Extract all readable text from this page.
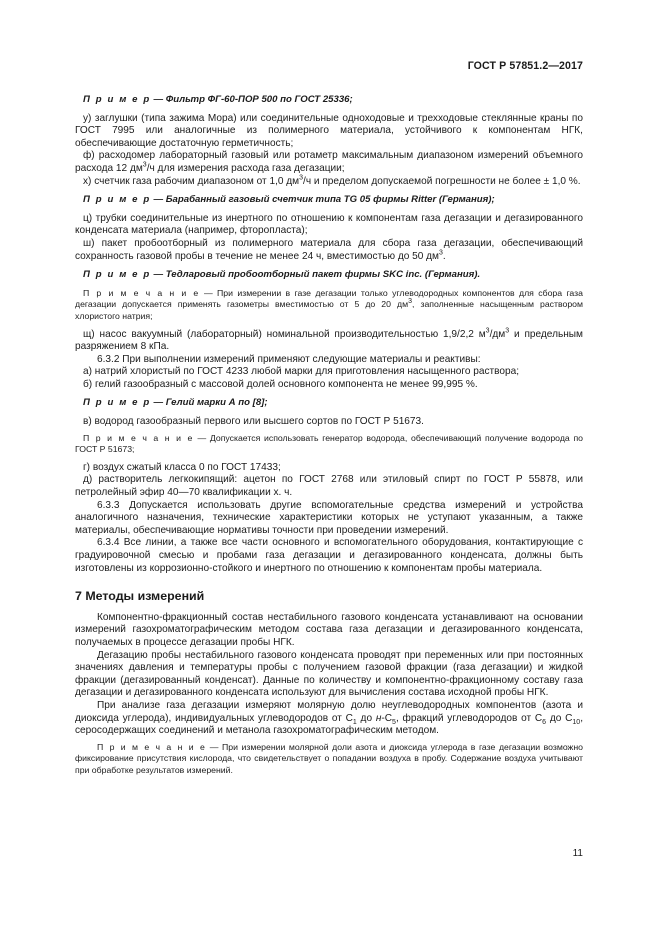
ГОСТ Р 57851.2—2017

П р и м е р — Фильтр ФГ-60-ПОР 500 по ГОСТ 25336;

у) заглушки (типа зажима Мора) или соединительные одноходовые и трехходовые стеклянные краны по ГОСТ 7995 или аналогичные из полимерного материала, устойчивого к компонентам НГК, обеспечивающие достаточную герметичность;

ф) расходомер лабораторный газовый или ротаметр максимальным диапазоном измерений объемного расхода 12 $дм^3/ч$ для измерения расхода газа дегазации;

х) счетчик газа рабочим диапазоном от 1,0 $дм^3/ч$ и пределом допускаемой погрешности не более ± 1,0 %.

П р и м е р — Барабанный газовый счетчик типа TG 05 фирмы Ritter (Германия);

ц) трубки соединительные из инертного по отношению к компонентам газа дегазации и дегазированного конденсата материала (например, фторопласта);

ш) пакет пробоотборный из полимерного материала для сбора газа дегазации, обеспечивающий сохранность газовой пробы в течение не менее 24 ч, вместимостью до 50 $дм^3$.

П р и м е р — Тедларовый пробоотборный пакет фирмы SKC inc. (Германия).

П р и м е ч а н и е — При измерении в газе дегазации только углеводородных компонентов для сбора газа дегазации допускается применять газометры вместимостью от 5 до 20 $дм^3$, заполненные насыщенным раствором хлористого натрия;

щ) насос вакуумный (лабораторный) номинальной производительностью 1,9/2,2 $м^3/дм^3$ и предельным разряжением 8 кПа.

6.3.2 При выполнении измерений применяют следующие материалы и реактивы:

а) натрий хлористый по ГОСТ 4233 любой марки для приготовления насыщенного раствора;

б) гелий газообразный с массовой долей основного компонента не менее 99,995 %.

П р и м е р — Гелий марки А по [8];

в) водород газообразный первого или высшего сортов по ГОСТ Р 51673.

П р и м е ч а н и е — Допускается использовать генератор водорода, обеспечивающий получение водорода по ГОСТ Р 51673;

г) воздух сжатый класса 0 по ГОСТ 17433;

д) растворитель легкокипящий: ацетон по ГОСТ 2768 или этиловый спирт по ГОСТ Р 55878, или петролейный эфир 40—70 квалификации х. ч.

6.3.3 Допускается использовать другие вспомогательные средства измерений и устройства аналогичного назначения, технические характеристики которых не уступают указанным, а также материалы, обеспечивающие нормативы точности при проведении измерений.

6.3.4 Все линии, а также все части основного и вспомогательного оборудования, контактирующие с градуировочной смесью и пробами газа дегазации и дегазированного конденсата, должны быть изготовлены из коррозионно-стойкого и инертного по отношению к компонентам пробы материала.

7 Методы измерений

Компонентно-фракционный состав нестабильного газового конденсата устанавливают на основании измерений газохроматографическим методом состава газа дегазации и дегазированного конденсата, получаемых в процессе дегазации пробы НГК.

Дегазацию пробы нестабильного газового конденсата проводят при переменных или при постоянных значениях давления и температуры пробы с получением газовой фракции (газа дегазации) и жидкой фракции (дегазированный конденсат). Данные по количеству и компонентно-фракционному составу газа дегазации и дегазированного конденсата используют для вычисления состава исходной пробы НГК.

При анализе газа дегазации измеряют молярную долю неуглеводородных компонентов (азота и диоксида углерода), индивидуальных углеводородов от $С_1$ до $н-С_5$, фракций углеводородов от $С_6$ до $С_{10}$, серосодержащих соединений и метанола газохроматографическим методом.

П р и м е ч а н и е — При измерении молярной доли азота и диоксида углерода в газе дегазации возможно фиксирование присутствия кислорода, что свидетельствует о попадании воздуха в пробу. Содержание воздуха учитывают при обработке результатов измерений.

11
